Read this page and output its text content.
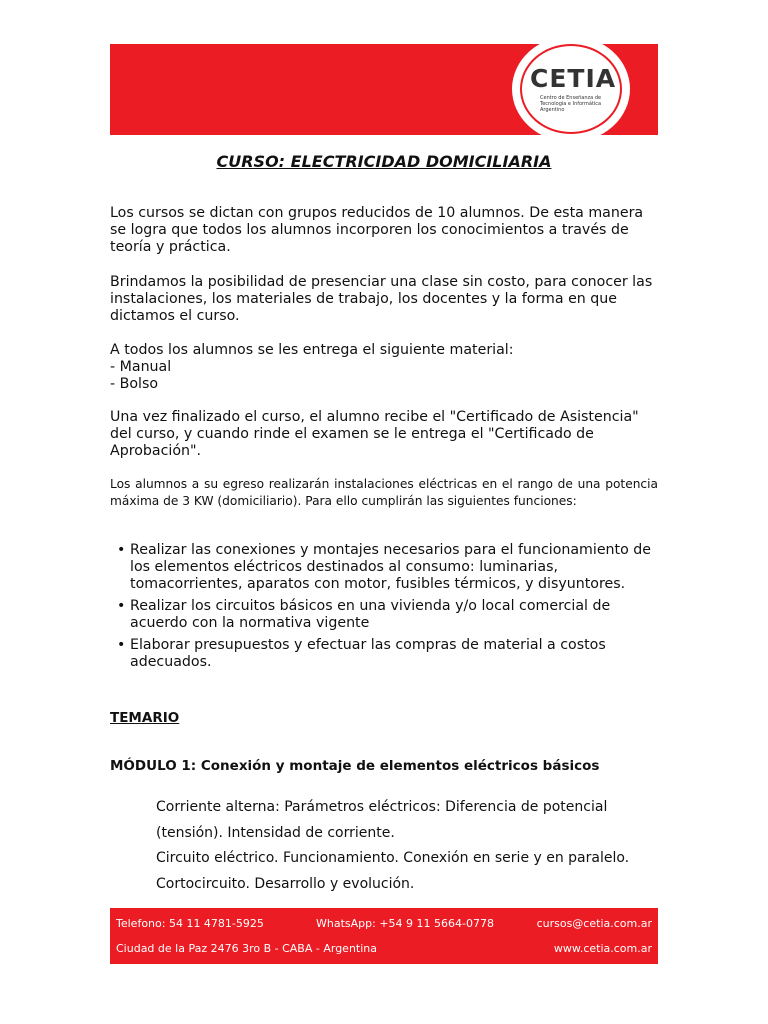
CETIA
Centro de Enseñanza de Tecnología e Informática Argentino
CURSO: ELECTRICIDAD DOMICILIARIA

Los cursos se dictan con grupos reducidos de 10 alumnos. De esta manera se logra que todos los alumnos incorporen los conocimientos a través de teoría y práctica.

Brindamos la posibilidad de presenciar una clase sin costo, para conocer las instalaciones, los materiales de trabajo, los docentes y la forma en que dictamos el curso.

A todos los alumnos se les entrega el siguiente material:

- Manual

- Bolso

Una vez finalizado el curso, el alumno recibe el "Certificado de Asistencia" del curso, y cuando rinde el examen se le entrega el "Certificado de Aprobación".

Los alumnos a su egreso realizarán instalaciones eléctricas en el rango de una potencia máxima de 3 KW (domiciliario). Para ello cumplirán las siguientes funciones:

• Realizar las conexiones y montajes necesarios para el funcionamiento de los elementos eléctricos destinados al consumo: luminarias, tomacorrientes, aparatos con motor, fusibles térmicos, y disyuntores.
• Realizar los circuitos básicos en una vivienda y/o local comercial de acuerdo con la normativa vigente
• Elaborar presupuestos y efectuar las compras de material a costos adecuados.
TEMARIO
MÓDULO 1: Conexión y montaje de elementos eléctricos básicos
Corriente alterna: Parámetros eléctricos: Diferencia de potencial
(tensión). Intensidad de corriente.
Circuito eléctrico. Funcionamiento. Conexión en serie y en paralelo.
Cortocircuito. Desarrollo y evolución.
Telefono: 54 11 4781-5925	WhatsApp: +54 9 11 5664-0778	cursos@cetia.com.ar
Ciudad de la Paz 2476 3ro B - CABA - Argentina	www.cetia.com.ar
